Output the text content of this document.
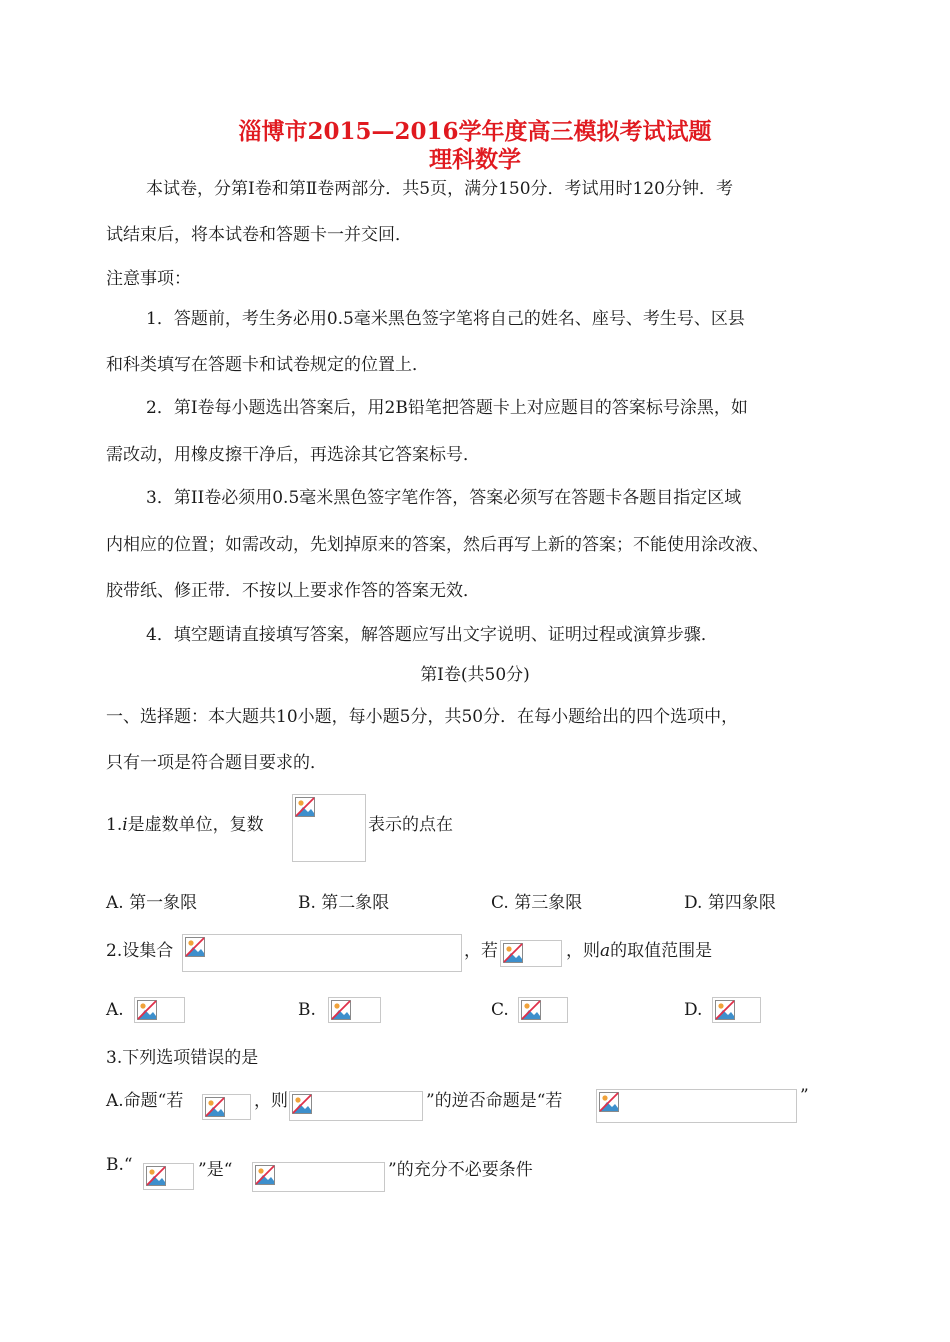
淄博市2015—2016学年度高三模拟考试试题
理科数学
本试卷，分第Ⅰ卷和第Ⅱ卷两部分．共5页，满分150分．考试用时120分钟．考
试结束后，将本试卷和答题卡一并交回．
注意事项：
1．答题前，考生务必用0.5毫米黑色签字笔将自己的姓名、座号、考生号、区县
和科类填写在答题卡和试卷规定的位置上．
2．第Ⅰ卷每小题选出答案后，用2B铅笔把答题卡上对应题目的答案标号涂黑，如
需改动，用橡皮擦干净后，再选涂其它答案标号．
3．第II卷必须用0.5毫米黑色签字笔作答，答案必须写在答题卡各题目指定区域
内相应的位置；如需改动，先划掉原来的答案，然后再写上新的答案；不能使用涂改液、
胶带纸、修正带．不按以上要求作答的答案无效．
4．填空题请直接填写答案，解答题应写出文字说明、证明过程或演算步骤．
第Ⅰ卷(共50分)
一、选择题：本大题共10小题，每小题5分，共50分．在每小题给出的四个选项中，
只有一项是符合题目要求的．
1.i是虚数单位，复数	表示的点在
A. 第一象限	B. 第二象限	C. 第三象限	D. 第四象限
2.设集合	，若	，则a的取值范围是
A.	B.	C.	D.
3.下列选项错误的是
A.命题“若	，则	”的逆否命题是“若	”
B.“	”是“	”的充分不必要条件
